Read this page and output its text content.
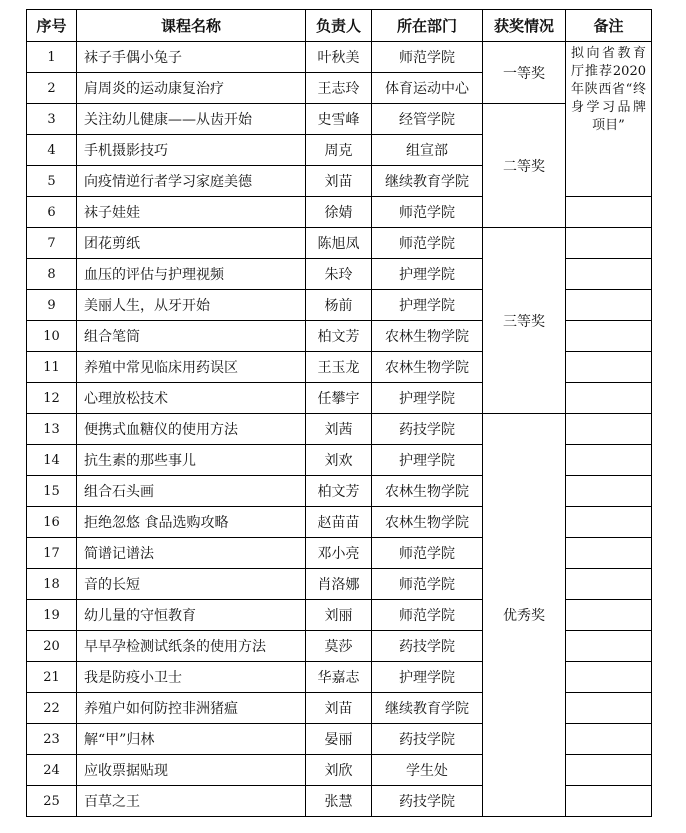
序号	课程名称	负责人	所在部门	获奖情况	备注
1	袜子手偶小兔子	叶秋美	师范学院	一等奖	拟向省教育厅推荐2020年陕西省“终身学习品牌项目”

2	肩周炎的运动康复治疗	王志玲	体育运动中心		
3	关注幼儿健康——从齿开始	史雪峰	经管学院	二等奖	
4	手机摄影技巧	周克	组宣部		
5	向疫情逆行者学习家庭美德	刘苗	继续教育学院		
6	袜子娃娃	徐婧	师范学院		
7	团花剪纸	陈旭凤	师范学院	三等奖	
8	血压的评估与护理视频	朱玲	护理学院		
9	美丽人生，从牙开始	杨前	护理学院		
10	组合笔筒	柏文芳	农林生物学院		
11	养殖中常见临床用药误区	王玉龙	农林生物学院		
12	心理放松技术	任攀宇	护理学院		
13	便携式血糖仪的使用方法	刘茜	药技学院	优秀奖	
14	抗生素的那些事儿	刘欢	护理学院		
15	组合石头画	柏文芳	农林生物学院		
16	拒绝忽悠 食品选购攻略	赵苗苗	农林生物学院		
17	简谱记谱法	邓小亮	师范学院		
18	音的长短	肖洛娜	师范学院		
19	幼儿量的守恒教育	刘丽	师范学院		
20	早早孕检测试纸条的使用方法	莫莎	药技学院		
21	我是防疫小卫士	华嘉志	护理学院		
22	养殖户如何防控非洲猪瘟	刘苗	继续教育学院		
23	解“甲”归林	晏丽	药技学院		
24	应收票据贴现	刘欣	学生处		
25	百草之王	张慧	药技学院		
